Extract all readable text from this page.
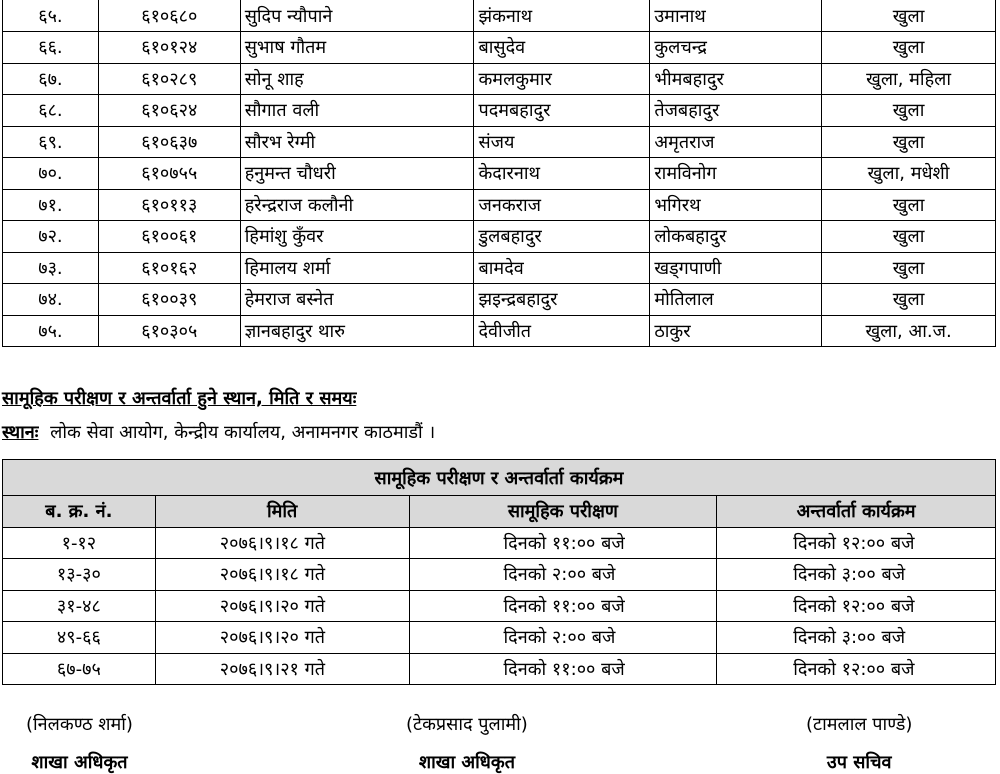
६५.	६१०६८०	सुदिप न्यौपाने	झंकनाथ	उमानाथ	खुला
६६.	६१०१२४	सुभाष गौतम	बासुदेव	कुलचन्द्र	खुला
६७.	६१०२८९	सोनू शाह	कमलकुमार	भीमबहादुर	खुला, महिला
६८.	६१०६२४	सौगात वली	पदमबहादुर	तेजबहादुर	खुला
६९.	६१०६३७	सौरभ रेग्मी	संजय	अमृतराज	खुला
७०.	६१०७५५	हनुमन्त चौधरी	केदारनाथ	रामविनोग	खुला, मधेशी
७१.	६१०११३	हरेन्द्रराज कलौनी	जनकराज	भगिरथ	खुला
७२.	६१००६१	हिमांशु कुँवर	डुलबहादुर	लोकबहादुर	खुला
७३.	६१०१६२	हिमालय शर्मा	बामदेव	खड्गपाणी	खुला
७४.	६१००३९	हेमराज बस्नेत	झइन्द्रबहादुर	मोतिलाल	खुला
७५.	६१०३०५	ज्ञानबहादुर थारु	देवीजीत	ठाकुर	खुला, आ.ज.
सामूहिक परीक्षण र अन्तर्वार्ता हुने स्थान, मिति र समयः
स्थानः लोक सेवा आयोग, केन्द्रीय कार्यालय, अनामनगर काठमाडौं ।
सामूहिक परीक्षण र अन्तर्वार्ता कार्यक्रम			
ब. क्र. नं.	मिति	सामूहिक परीक्षण	अन्तर्वार्ता कार्यक्रम
१-१२	२०७६।९।१८ गते	दिनको ११:०० बजे	दिनको १२:०० बजे
१३-३०	२०७६।९।१८ गते	दिनको २:०० बजे	दिनको ३:०० बजे
३१-४८	२०७६।९।२० गते	दिनको ११:०० बजे	दिनको १२:०० बजे
४९-६६	२०७६।९।२० गते	दिनको २:०० बजे	दिनको ३:०० बजे
६७-७५	२०७६।९।२१ गते	दिनको ११:०० बजे	दिनको १२:०० बजे
(निलकण्ठ शर्मा)
शाखा अधिकृत
(टेकप्रसाद पुलामी)
शाखा अधिकृत
(टामलाल पाण्डे)
उप सचिव
